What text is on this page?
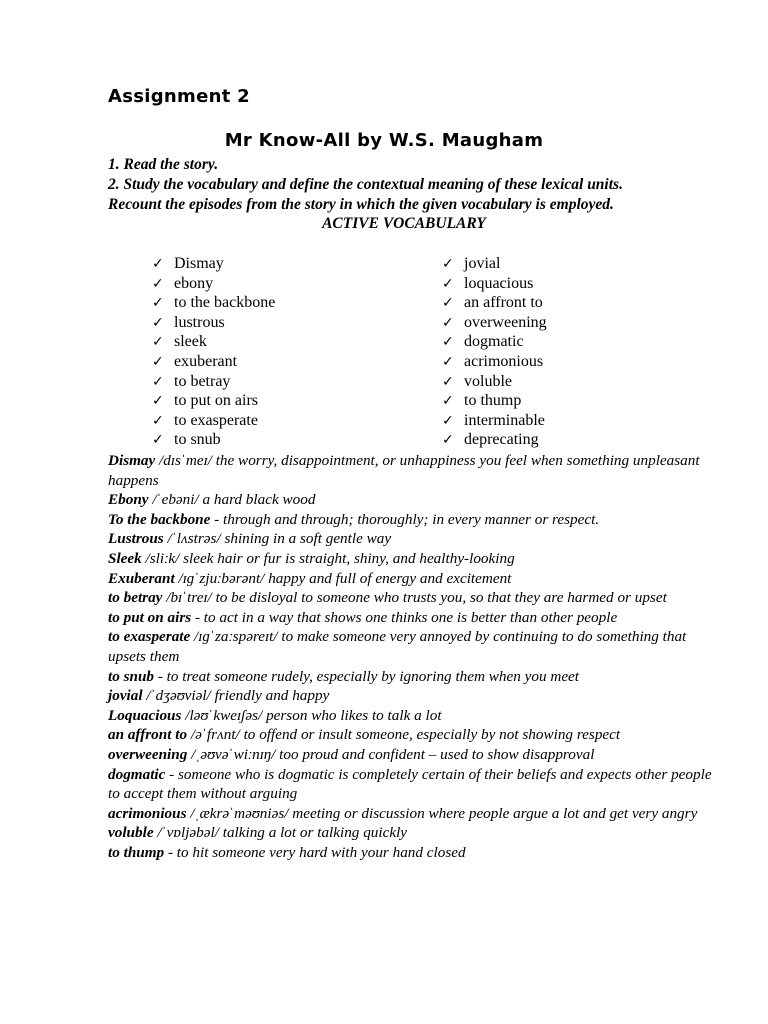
Assignment 2
Mr Know-All by W.S. Maugham
1. Read the story.
2. Study the vocabulary and define the contextual meaning of these lexical units.
Recount the episodes from the story in which the given vocabulary is employed.
ACTIVE VOCABULARY
✓ Dismay
✓ ebony
✓ to the backbone
✓ lustrous
✓ sleek
✓ exuberant
✓ to betray
✓ to put on airs
✓ to exasperate
✓ to snub
✓ jovial
✓ loquacious
✓ an affront to
✓ overweening
✓ dogmatic
✓ acrimonious
✓ voluble
✓ to thump
✓ interminable
✓ deprecating
Dismay /dɪsˈmeɪ/ the worry, disappointment, or unhappiness you feel when something unpleasant happens
Ebony /ˈebəni/ a hard black wood
To the backbone - through and through; thoroughly; in every manner or respect.
Lustrous /ˈlʌstrəs/ shining in a soft gentle way
Sleek /sliːk/ sleek hair or fur is straight, shiny, and healthy-looking
Exuberant /ɪɡˈzjuːbərənt/ happy and full of energy and excitement
to betray /bɪˈtreɪ/ to be disloyal to someone who trusts you, so that they are harmed or upset
to put on airs - to act in a way that shows one thinks one is better than other people
to exasperate /ɪɡˈzaːspəreɪt/ to make someone very annoyed by continuing to do something that upsets them
to snub - to treat someone rudely, especially by ignoring them when you meet
jovial /ˈdʒəʊviəl/ friendly and happy
Loquacious /ləʊˈkweɪʃəs/ person who likes to talk a lot
an affront to /əˈfrʌnt/ to offend or insult someone, especially by not showing respect
overweening /ˌəʊvəˈwiːnɪŋ/ too proud and confident – used to show disapproval
dogmatic - someone who is dogmatic is completely certain of their beliefs and expects other people to accept them without arguing
acrimonious /ˌækrəˈməʊniəs/ meeting or discussion where people argue a lot and get very angry
voluble /ˈvɒljəbəl/ talking a lot or talking quickly
to thump - to hit someone very hard with your hand closed
